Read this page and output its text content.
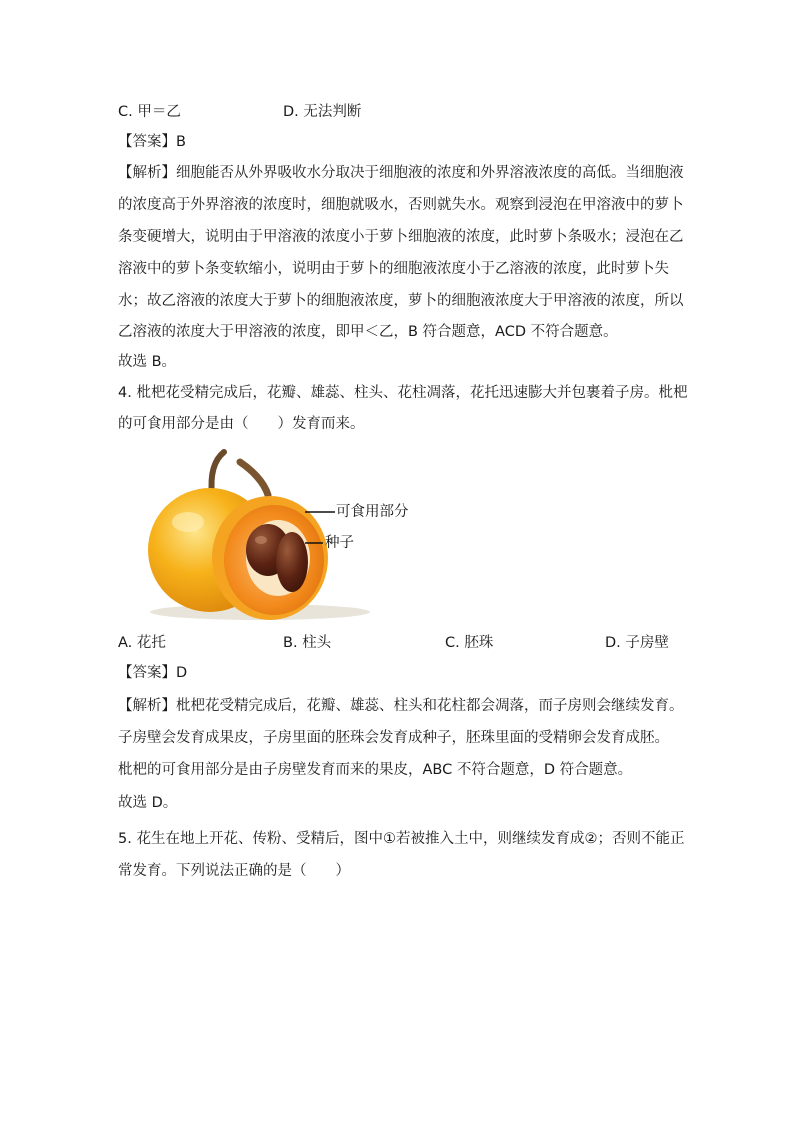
C. 甲＝乙	D. 无法判断
【答案】B
【解析】细胞能否从外界吸收水分取决于细胞液的浓度和外界溶液浓度的高低。当细胞液
的浓度高于外界溶液的浓度时，细胞就吸水，否则就失水。观察到浸泡在甲溶液中的萝卜
条变硬增大，说明由于甲溶液的浓度小于萝卜细胞液的浓度，此时萝卜条吸水；浸泡在乙
溶液中的萝卜条变软缩小，说明由于萝卜的细胞液浓度小于乙溶液的浓度，此时萝卜失
水；故乙溶液的浓度大于萝卜的细胞液浓度，萝卜的细胞液浓度大于甲溶液的浓度，所以
乙溶液的浓度大于甲溶液的浓度，即甲＜乙，B 符合题意，ACD 不符合题意。
故选 B。
4. 枇杷花受精完成后，花瓣、雄蕊、柱头、花柱凋落，花托迅速膨大并包裹着子房。枇杷
的可食用部分是由（　　）发育而来。
可食用部分
种子
A. 花托	B. 柱头	C. 胚珠	D. 子房壁
【答案】D
【解析】枇杷花受精完成后，花瓣、雄蕊、柱头和花柱都会凋落，而子房则会继续发育。
子房壁会发育成果皮，子房里面的胚珠会发育成种子，胚珠里面的受精卵会发育成胚。
枇杷的可食用部分是由子房壁发育而来的果皮，ABC 不符合题意，D 符合题意。
故选 D。
5. 花生在地上开花、传粉、受精后，图中①若被推入土中，则继续发育成②；否则不能正
常发育。下列说法正确的是（　　）
